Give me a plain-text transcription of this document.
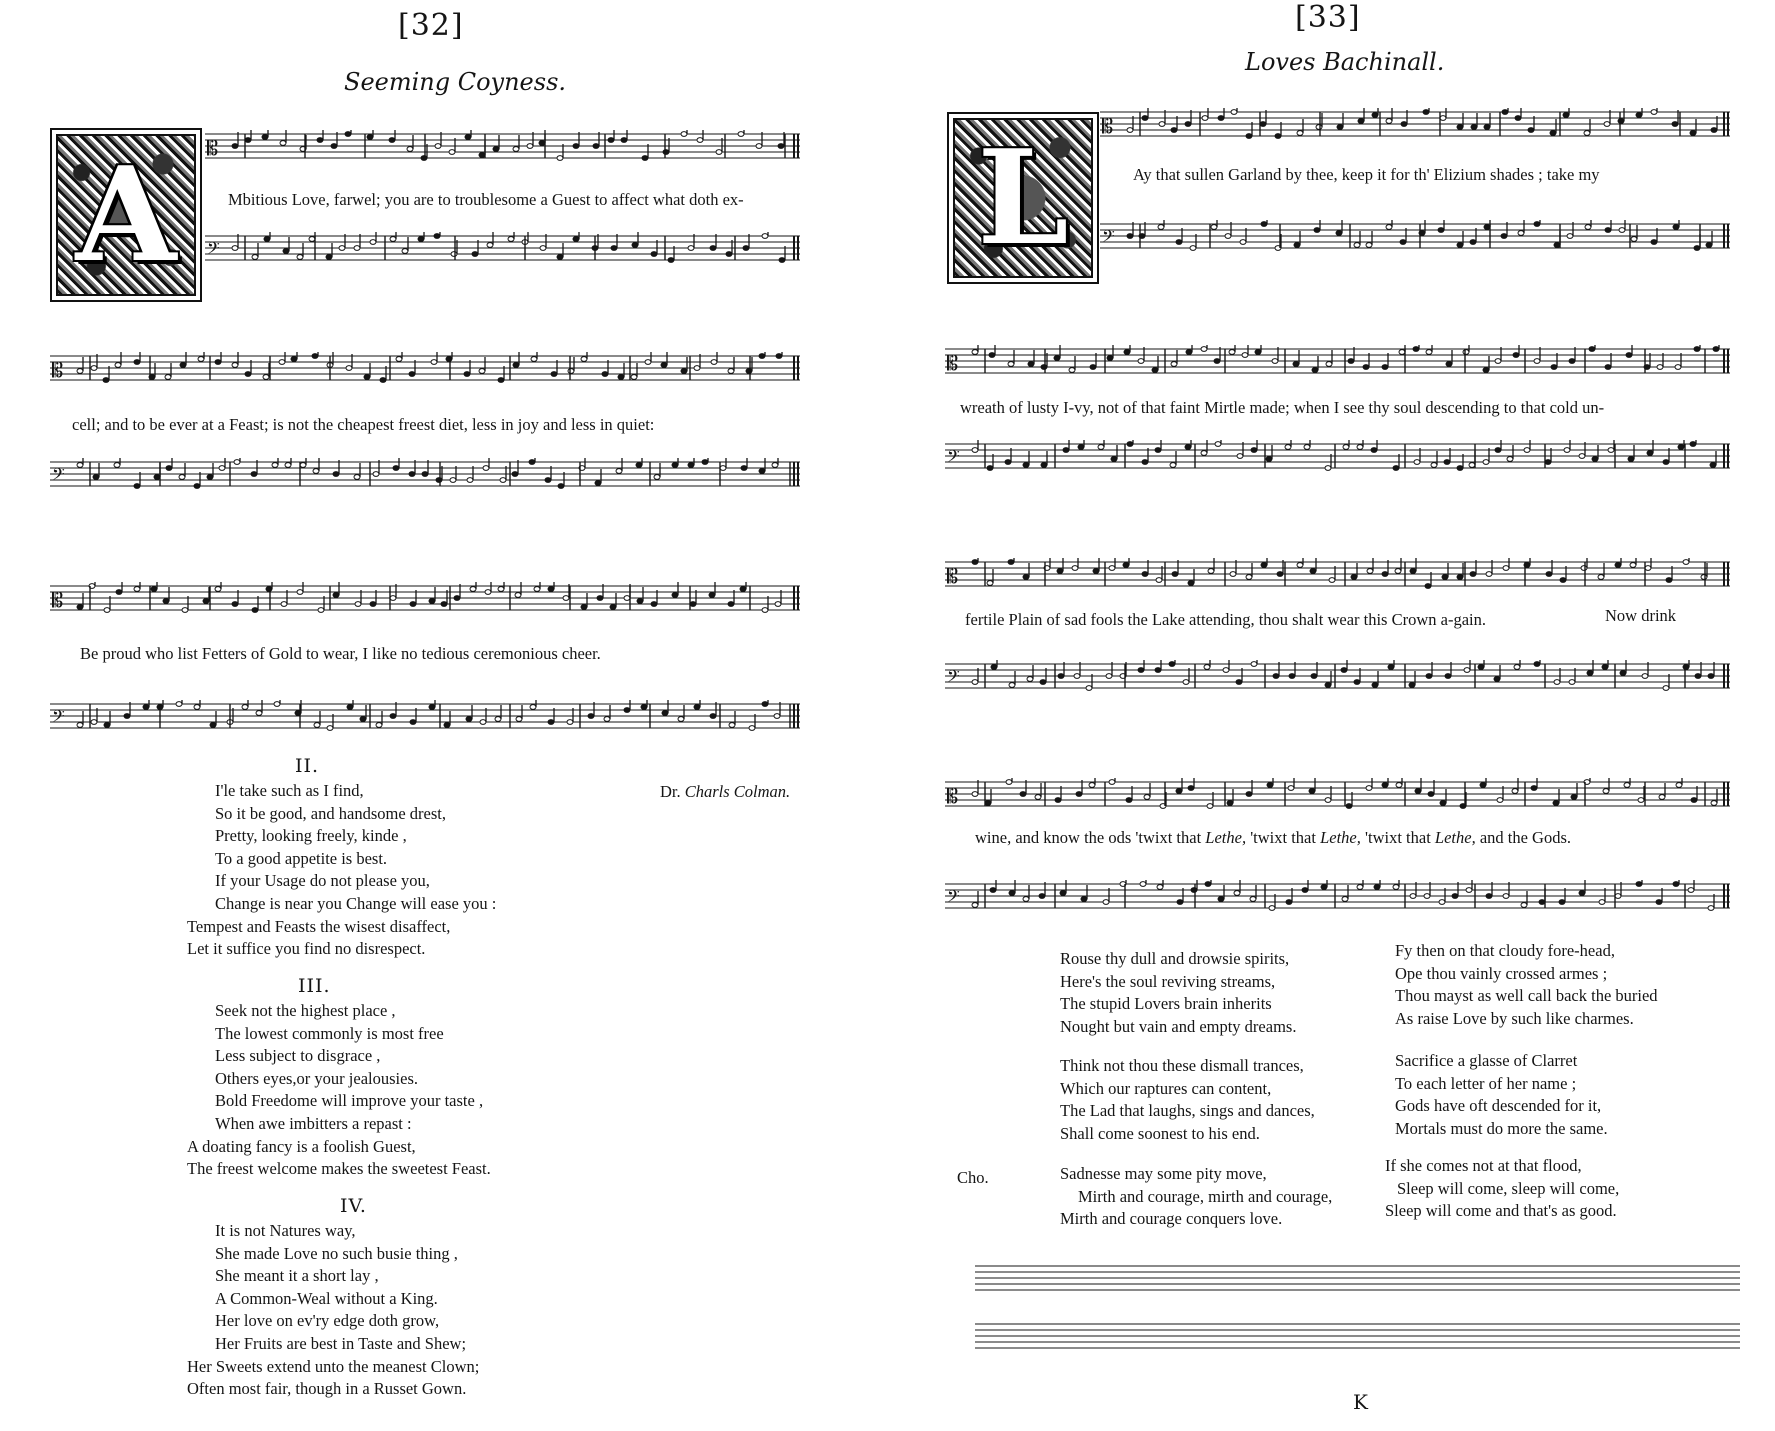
[32]
Seeming Coyness.
A	𝄡
Mbitious Love, farwel; you are to troublesome a Guest to affect what doth ex-
𝄢
𝄡
cell; and to be ever at a Feast; is not the cheapest freest diet, less in joy and less in quiet:
𝄢
𝄡
Be proud who list Fetters of Gold to wear, I like no tedious ceremonious cheer.
𝄢
Dr. Charls Colman.
II.
I'le take such as I find,
So it be good, and handsome drest,
Pretty, looking freely, kinde ,
To a good appetite is best.
If your Usage do not please you,
Change is near you Change will ease you :
Tempest and Feasts the wisest disaffect,
Let it suffice you find no disrespect.
III.
Seek not the highest place ,
The lowest commonly is most free
Less subject to disgrace ,
Others eyes,or your jealousies.
Bold Freedome will improve your taste ,
When awe imbitters a repast :
A doating fancy is a foolish Guest,
The freest welcome makes the sweetest Feast.
IV.
It is not Natures way,
She made Love no such busie thing ,
She meant it a short lay ,
A Common-Weal without a King.
Her love on ev'ry edge doth grow,
Her Fruits are best in Taste and Shew;
Her Sweets extend unto the meanest Clown;
Often most fair, though in a Russet Gown.
[33]
Loves Bachinall.
L	𝄡
Ay that sullen Garland by thee, keep it for th' Elizium shades ; take my
𝄢
𝄡
wreath of lusty I-vy, not of that faint Mirtle made; when I see thy soul descending to that cold un-
𝄢
𝄡
fertile Plain of sad fools the Lake attending, thou shalt wear this Crown a-gain.	Now drink
𝄢
𝄡
wine, and know the ods 'twixt that Lethe, 'twixt that Lethe, 'twixt that Lethe, and the Gods.
𝄢
Rouse thy dull and drowsie spirits,
Here's the soul reviving streams,
The stupid Lovers brain inherits
Nought but vain and empty dreams.
Fy then on that cloudy fore-head,
Ope thou vainly crossed armes ;
Thou mayst as well call back the buried
As raise Love by such like charmes.
Think not thou these dismall trances,
Which our raptures can content,
The Lad that laughs, sings and dances,
Shall come soonest to his end.
Sacrifice a glasse of Clarret
To each letter of her name ;
Gods have oft descended for it,
Mortals must do more the same.
Cho.	Sadnesse may some pity move,
Mirth and courage, mirth and courage,
Mirth and courage conquers love.
If she comes not at that flood,
Sleep will come, sleep will come,
Sleep will come and that's as good.
K
